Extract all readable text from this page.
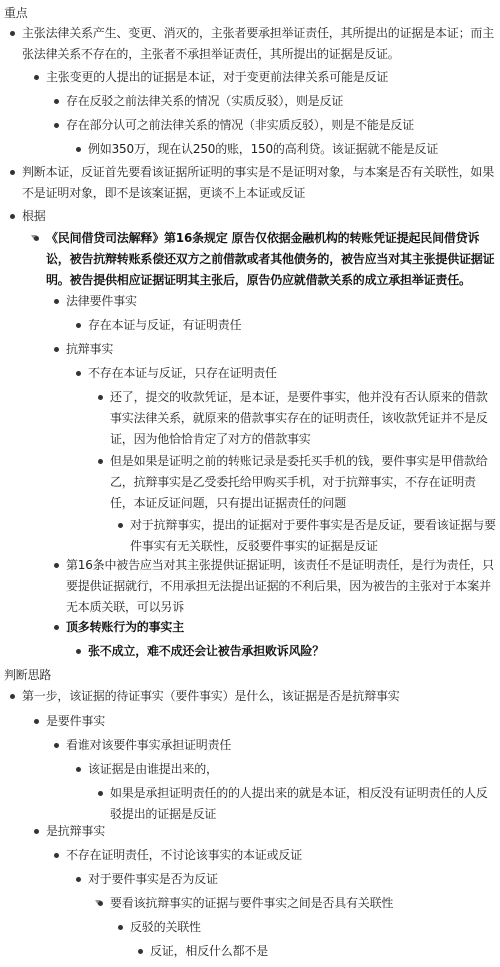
重点
主张法律关系产生、变更、消灭的，主张者要承担举证责任，其所提出的证据是本证；而主张法律关系不存在的，主张者不承担举证责任，其所提出的证据是反证。
主张变更的人提出的证据是本证，对于变更前法律关系可能是反证
存在反驳之前法律关系的情况（实质反驳），则是反证
存在部分认可之前法律关系的情况（非实质反驳），则是不能是反证
例如350万，现在认250的账，150的高利贷。该证据就不能是反证
判断本证，反证首先要看该证据所证明的事实是不是证明对象，与本案是否有关联性，如果不是证明对象，即不是该案证据，更谈不上本证或反证
根据
《民间借贷司法解释》第16条规定 原告仅依据金融机构的转账凭证提起民间借贷诉讼，被告抗辩转账系偿还双方之前借款或者其他债务的，被告应当对其主张提供证据证明。被告提供相应证据证明其主张后，原告仍应就借款关系的成立承担举证责任。
法律要件事实
存在本证与反证，有证明责任
抗辩事实
不存在本证与反证，只存在证明责任
还了，提交的收款凭证，是本证，是要件事实，他并没有否认原来的借款事实法律关系，就原来的借款事实存在的证明责任，该收款凭证并不是反证，因为他恰恰肯定了对方的借款事实
但是如果是证明之前的转账记录是委托买手机的钱，要件事实是甲借款给乙，抗辩事实是乙受委托给甲购买手机，对于抗辩事实，不存在证明责任，本证反证问题，只有提出证据责任的问题
对于抗辩事实，提出的证据对于要件事实是否是反证，要看该证据与要件事实有无关联性，反驳要件事实的证据是反证
第16条中被告应当对其主张提供证据证明，该责任不是证明责任，是行为责任，只要提供证据就行，不用承担无法提出证据的不利后果，因为被告的主张对于本案并无本质关联，可以另诉
顶多转账行为的事实主
张不成立，难不成还会让被告承担败诉风险？
判断思路
第一步，该证据的待证事实（要件事实）是什么，该证据是否是抗辩事实
是要件事实
看谁对该要件事实承担证明责任
该证据是由谁提出来的，
如果是承担证明责任的的人提出来的就是本证，相反没有证明责任的人反驳提出的证据是反证
是抗辩事实
不存在证明责任，不讨论该事实的本证或反证
对于要件事实是否为反证
要看该抗辩事实的证据与要件事实之间是否具有关联性
反驳的关联性
反证，相反什么都不是
